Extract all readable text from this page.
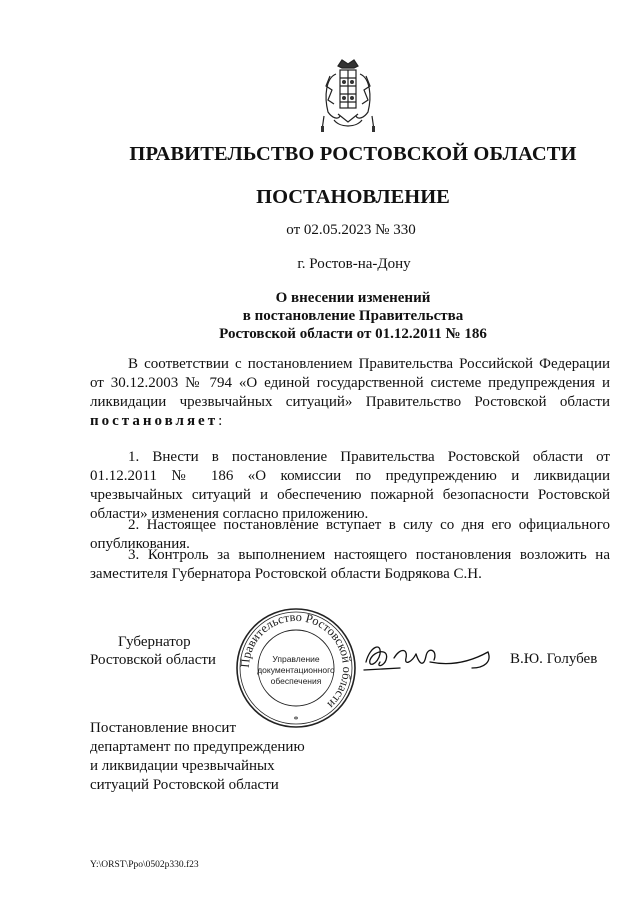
ПРАВИТЕЛЬСТВО РОСТОВСКОЙ ОБЛАСТИ
ПОСТАНОВЛЕНИЕ
от 02.05.2023 № 330
г. Ростов-на-Дону
О внесении изменений
в постановление Правительства
Ростовской области от 01.12.2011 № 186

В соответствии с постановлением Правительства Российской Федерации от 30.12.2003 № 794 «О единой государственной системе предупреждения и ликвидации чрезвычайных ситуаций» Правительство Ростовской области постановляет:

1. Внести в постановление Правительства Ростовской области от 01.12.2011 № 186 «О комиссии по предупреждению и ликвидации чрезвычайных ситуаций и обеспечению пожарной безопасности Ростовской области» изменения согласно приложению.

2. Настоящее постановление вступает в силу со дня его официального опубликования.

3. Контроль за выполнением настоящего постановления возложить на заместителя Губернатора Ростовской области Бодрякова С.Н.

Губернатор
Ростовской области Правительство Ростовской области
Управление
документационного
обеспечения
*
В.Ю. Голубев
Постановление вносит
департамент по предупреждению
и ликвидации чрезвычайных
ситуаций Ростовской области
Y:\ORST\Ppo\0502p330.f23
